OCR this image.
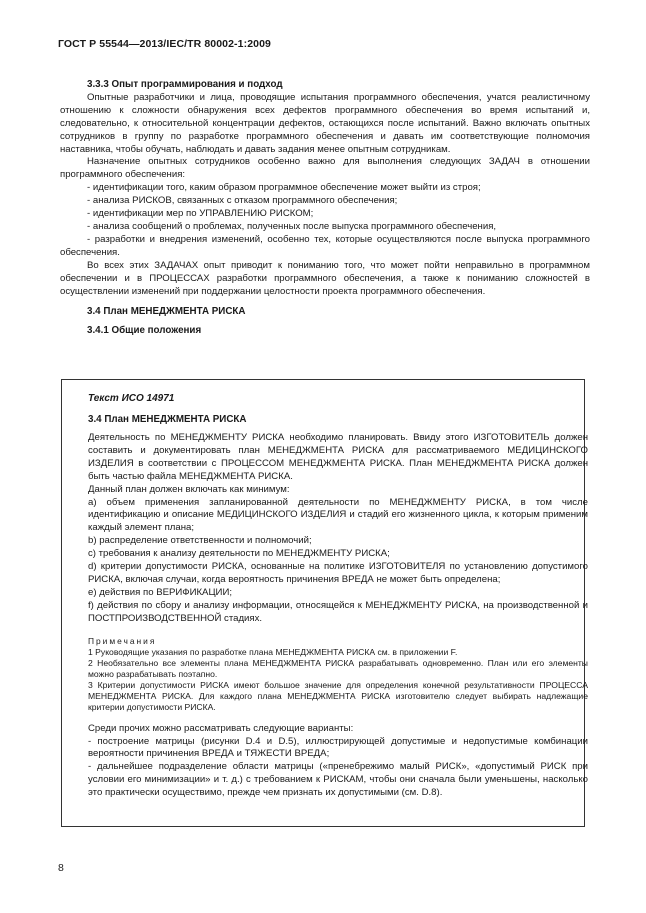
ГОСТ Р 55544—2013/IEC/TR 80002-1:2009

3.3.3 Опыт программирования и подход

Опытные разработчики и лица, проводящие испытания программного обеспечения, учатся реалистичному отношению к сложности обнаружения всех дефектов программного обеспечения во время испытаний и, следовательно, к относительной концентрации дефектов, остающихся после испытаний. Важно включать опытных сотрудников в группу по разработке программного обеспечения и давать им соответствующие полномочия наставника, чтобы обучать, наблюдать и давать задания менее опытным сотрудникам.

Назначение опытных сотрудников особенно важно для выполнения следующих ЗАДАЧ в отношении программного обеспечения:

- идентификации того, каким образом программное обеспечение может выйти из строя;

- анализа РИСКОВ, связанных с отказом программного обеспечения;

- идентификации мер по УПРАВЛЕНИЮ РИСКОМ;

- анализа сообщений о проблемах, полученных после выпуска программного обеспечения,

- разработки и внедрения изменений, особенно тех, которые осуществляются после выпуска программного обеспечения.

Во всех этих ЗАДАЧАХ опыт приводит к пониманию того, что может пойти неправильно в программном обеспечении и в ПРОЦЕССАХ разработки программного обеспечения, а также к пониманию сложностей в осуществлении изменений при поддержании целостности проекта программного обеспечения.

3.4 План МЕНЕДЖМЕНТА РИСКА

3.4.1 Общие положения

Текст ИСО 14971

3.4 План МЕНЕДЖМЕНТА РИСКА

Деятельность по МЕНЕДЖМЕНТУ РИСКА необходимо планировать. Ввиду этого ИЗГОТОВИТЕЛЬ должен составить и документировать план МЕНЕДЖМЕНТА РИСКА для рассматриваемого МЕДИЦИНСКОГО ИЗДЕЛИЯ в соответствии с ПРОЦЕССОМ МЕНЕДЖМЕНТА РИСКА. План МЕНЕДЖМЕНТА РИСКА должен быть частью файла МЕНЕДЖМЕНТА РИСКА.

Данный план должен включать как минимум:

a) объем применения запланированной деятельности по МЕНЕДЖМЕНТУ РИСКА, в том числе идентификацию и описание МЕДИЦИНСКОГО ИЗДЕЛИЯ и стадий его жизненного цикла, к которым применим каждый элемент плана;

b) распределение ответственности и полномочий;

c) требования к анализу деятельности по МЕНЕДЖМЕНТУ РИСКА;

d) критерии допустимости РИСКА, основанные на политике ИЗГОТОВИТЕЛЯ по установлению допустимого РИСКА, включая случаи, когда вероятность причинения ВРЕДА не может быть определена;

e) действия по ВЕРИФИКАЦИИ;

f) действия по сбору и анализу информации, относящейся к МЕНЕДЖМЕНТУ РИСКА, на производственной и ПОСТПРОИЗВОДСТВЕННОЙ стадиях.

Примечания

1 Руководящие указания по разработке плана МЕНЕДЖМЕНТА РИСКА см. в приложении F.

2 Необязательно все элементы плана МЕНЕДЖМЕНТА РИСКА разрабатывать одновременно. План или его элементы можно разрабатывать поэтапно.

3 Критерии допустимости РИСКА имеют большое значение для определения конечной результативности ПРОЦЕССА МЕНЕДЖМЕНТА РИСКА. Для каждого плана МЕНЕДЖМЕНТА РИСКА изготовителю следует выбирать надлежащие критерии допустимости РИСКА.

Среди прочих можно рассматривать следующие варианты:

- построение матрицы (рисунки D.4 и D.5), иллюстрирующей допустимые и недопустимые комбинации вероятности причинения ВРЕДА и ТЯЖЕСТИ ВРЕДА;

- дальнейшее подразделение области матрицы («пренебрежимо малый РИСК», «допустимый РИСК при условии его минимизации» и т. д.) с требованием к РИСКАМ, чтобы они сначала были уменьшены, насколько это практически осуществимо, прежде чем признать их допустимыми (см. D.8).

8
